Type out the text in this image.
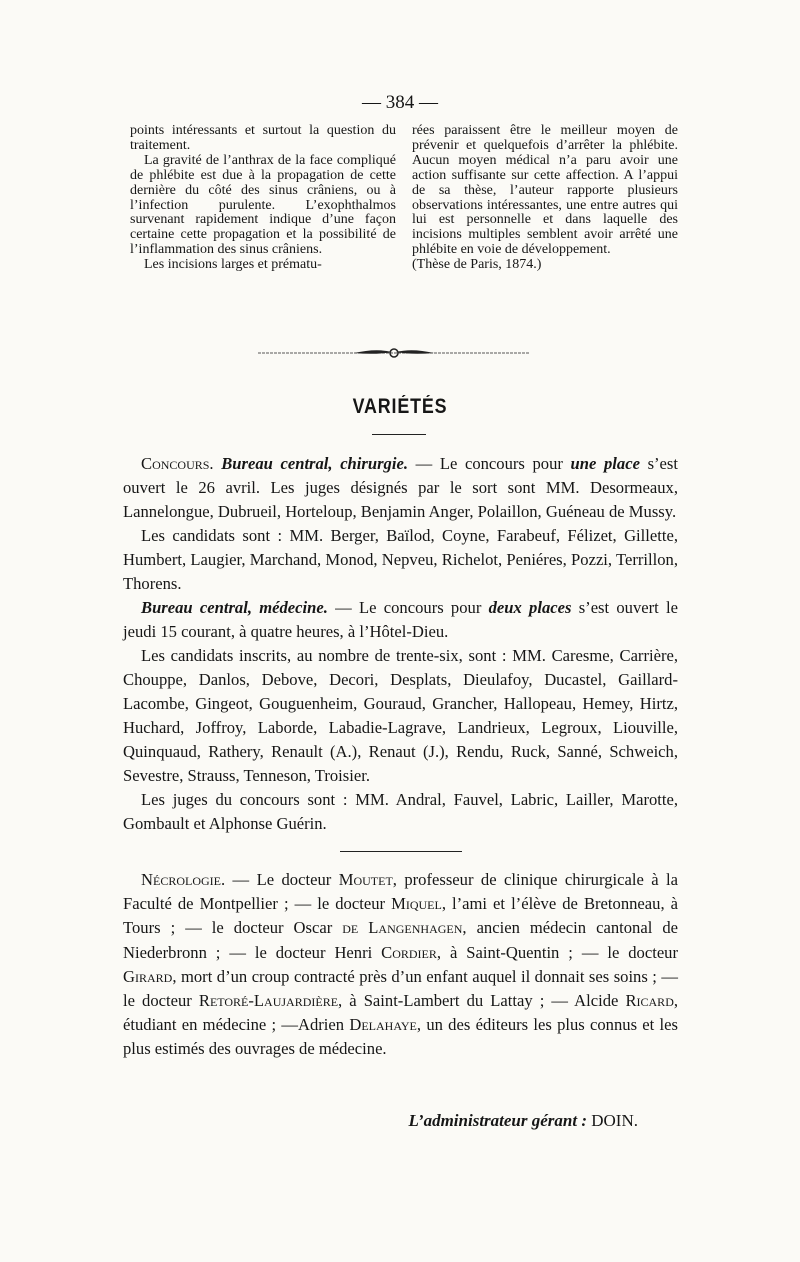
— 384 —

points intéressants et surtout la question du traitement.

La gravité de l’anthrax de la face compliqué de phlébite est due à la propagation de cette dernière du côté des sinus crâniens, ou à l’infection purulente. L’exophthalmos survenant rapidement indique d’une façon certaine cette propagation et la possibilité de l’inflammation des sinus crâniens.

Les incisions larges et prématu-

rées paraissent être le meilleur moyen de prévenir et quelquefois d’arrêter la phlébite. Aucun moyen médical n’a paru avoir une action suffisante sur cette affection. A l’appui de sa thèse, l’auteur rapporte plusieurs observations intéressantes, une entre autres qui lui est personnelle et dans laquelle des incisions multiples semblent avoir arrêté une phlébite en voie de développement.

(Thèse de Paris, 1874.)

VARIÉTÉS

Concours. Bureau central, chirurgie. — Le concours pour une place s’est ouvert le 26 avril. Les juges désignés par le sort sont MM. Desormeaux, Lannelongue, Dubrueil, Horteloup, Benjamin Anger, Polaillon, Guéneau de Mussy.

Les candidats sont : MM. Berger, Baïlod, Coyne, Farabeuf, Félizet, Gillette, Humbert, Laugier, Marchand, Monod, Nepveu, Richelot, Peniéres, Pozzi, Terrillon, Thorens.

Bureau central, médecine. — Le concours pour deux places s’est ouvert le jeudi 15 courant, à quatre heures, à l’Hôtel-Dieu.

Les candidats inscrits, au nombre de trente-six, sont : MM. Caresme, Carrière, Chouppe, Danlos, Debove, Decori, Desplats, Dieulafoy, Ducastel, Gaillard-Lacombe, Gingeot, Gouguenheim, Gouraud, Grancher, Hallopeau, Hemey, Hirtz, Huchard, Joffroy, Laborde, Labadie-Lagrave, Landrieux, Legroux, Liouville, Quinquaud, Rathery, Renault (A.), Renaut (J.), Rendu, Ruck, Sanné, Schweich, Sevestre, Strauss, Tenneson, Troisier.

Les juges du concours sont : MM. Andral, Fauvel, Labric, Lailler, Marotte, Gombault et Alphonse Guérin.

Nécrologie. — Le docteur Moutet, professeur de clinique chirurgicale à la Faculté de Montpellier ; — le docteur Miquel, l’ami et l’élève de Bretonneau, à Tours ; — le docteur Oscar de Langenhagen, ancien médecin cantonal de Niederbronn ; — le docteur Henri Cordier, à Saint-Quentin ; — le docteur Girard, mort d’un croup contracté près d’un enfant auquel il donnait ses soins ; — le docteur Retoré-Laujardière, à Saint-Lambert du Lattay ; — Alcide Ricard, étudiant en médecine ; —Adrien Delahaye, un des éditeurs les plus connus et les plus estimés des ouvrages de médecine.

L’administrateur gérant : DOIN.
